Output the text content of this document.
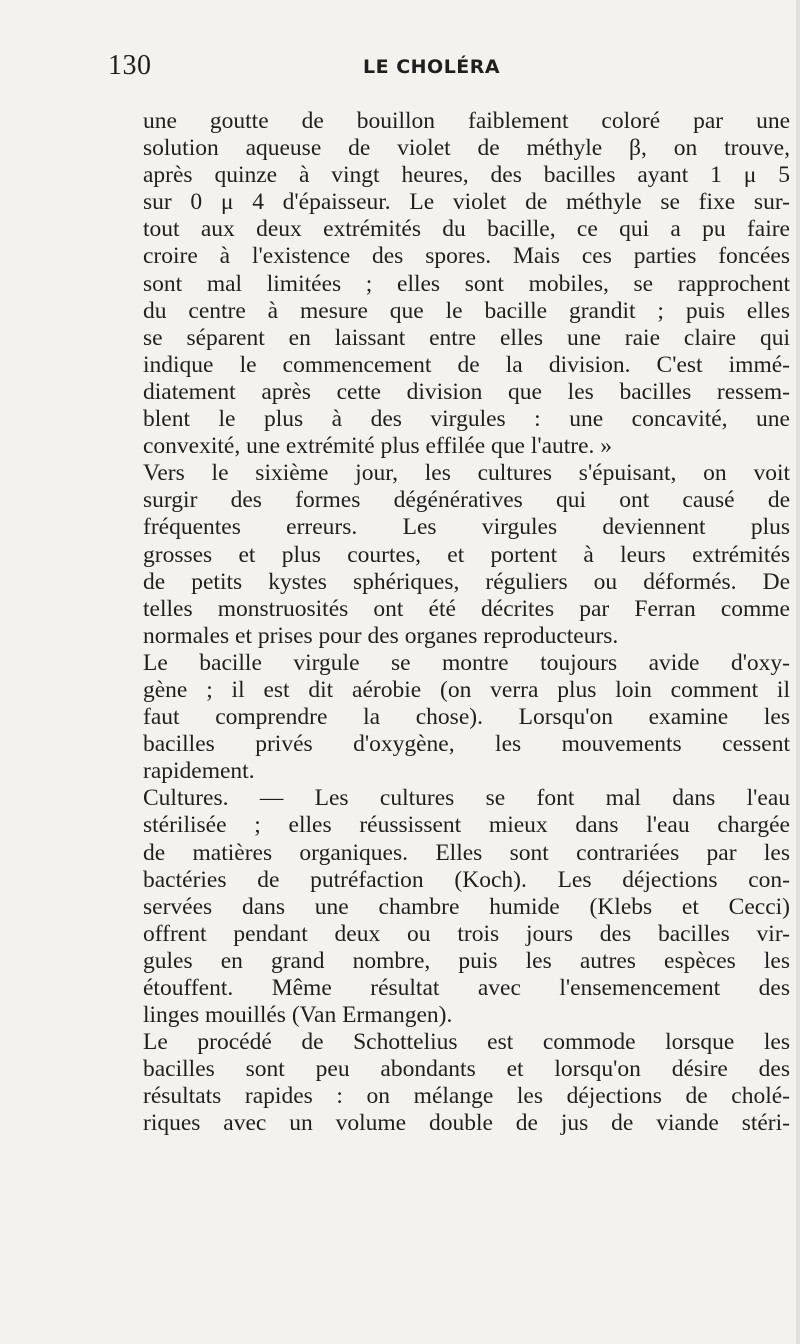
130	LE CHOLÉRA
une goutte de bouillon faiblement coloré par une
solution aqueuse de violet de méthyle β, on trouve,
après quinze à vingt heures, des bacilles ayant 1 μ 5
sur 0 μ 4 d'épaisseur. Le violet de méthyle se fixe sur-
tout aux deux extrémités du bacille, ce qui a pu faire
croire à l'existence des spores. Mais ces parties foncées
sont mal limitées ; elles sont mobiles, se rapprochent
du centre à mesure que le bacille grandit ; puis elles
se séparent en laissant entre elles une raie claire qui
indique le commencement de la division. C'est immé-
diatement après cette division que les bacilles ressem-
blent le plus à des virgules : une concavité, une
convexité, une extrémité plus effilée que l'autre. »
Vers le sixième jour, les cultures s'épuisant, on voit
surgir des formes dégénératives qui ont causé de
fréquentes erreurs. Les virgules deviennent plus
grosses et plus courtes, et portent à leurs extrémités
de petits kystes sphériques, réguliers ou déformés. De
telles monstruosités ont été décrites par Ferran comme
normales et prises pour des organes reproducteurs.
Le bacille virgule se montre toujours avide d'oxy-
gène ; il est dit aérobie (on verra plus loin comment il
faut comprendre la chose). Lorsqu'on examine les
bacilles privés d'oxygène, les mouvements cessent
rapidement.
Cultures. — Les cultures se font mal dans l'eau
stérilisée ; elles réussissent mieux dans l'eau chargée
de matières organiques. Elles sont contrariées par les
bactéries de putréfaction (Koch). Les déjections con-
servées dans une chambre humide (Klebs et Cecci)
offrent pendant deux ou trois jours des bacilles vir-
gules en grand nombre, puis les autres espèces les
étouffent. Même résultat avec l'ensemencement des
linges mouillés (Van Ermangen).
Le procédé de Schottelius est commode lorsque les
bacilles sont peu abondants et lorsqu'on désire des
résultats rapides : on mélange les déjections de cholé-
riques avec un volume double de jus de viande stéri-
